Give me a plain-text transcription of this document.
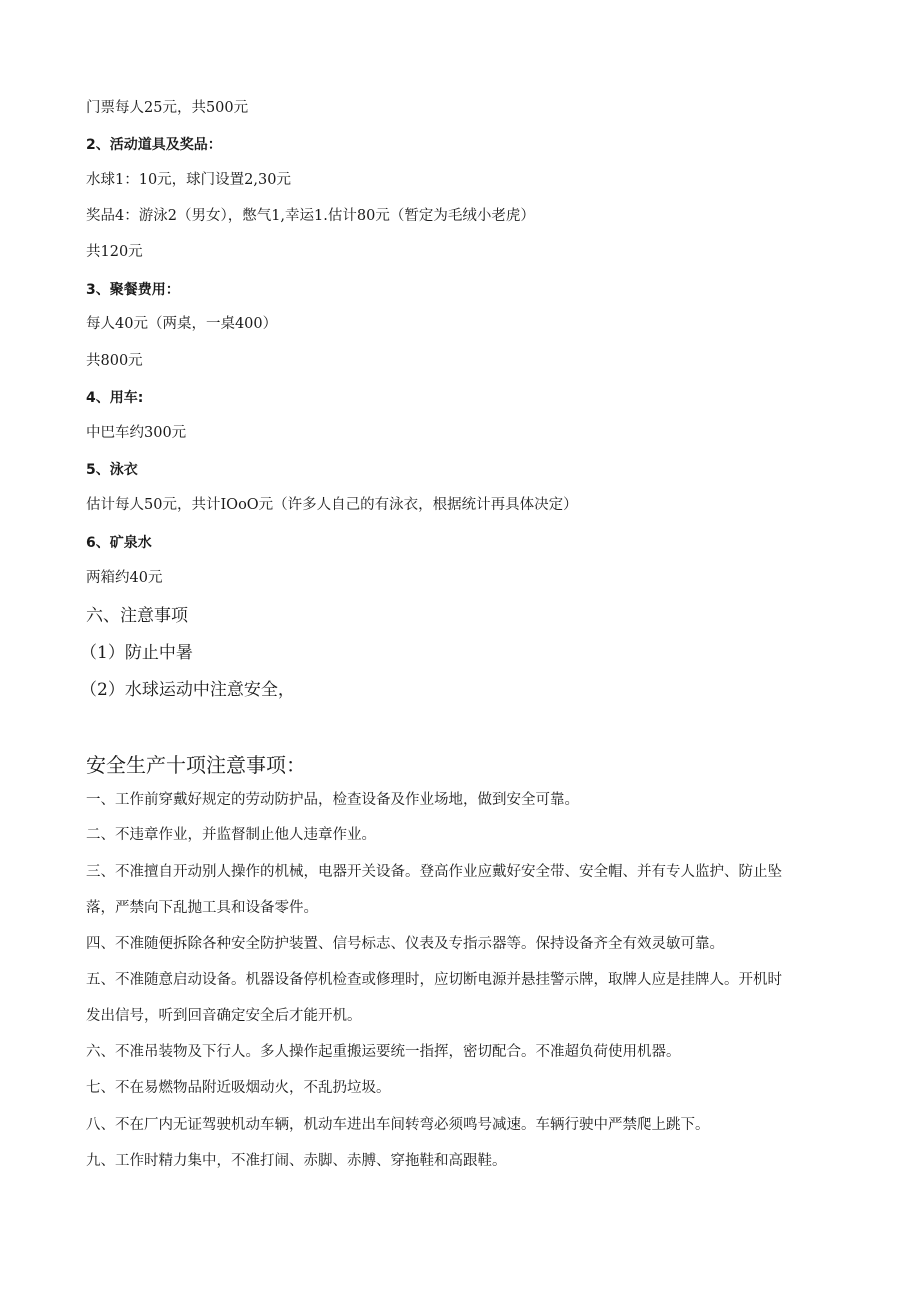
门票每人25元，共500元
2、活动道具及奖品：
水球1：10元，球门设置2,30元
奖品4：游泳2（男女），憋气1,幸运1.估计80元（暂定为毛绒小老虎）
共120元
3、聚餐费用：
每人40元（两桌，一桌400）
共800元
4、用车:
中巴车约300元
5、泳衣
估计每人50元，共计IOoO元（许多人自己的有泳衣，根据统计再具体决定）
6、矿泉水
两箱约40元
六、注意事项
（1）防止中暑
（2）水球运动中注意安全，
安全生产十项注意事项：
一、工作前穿戴好规定的劳动防护品，检查设备及作业场地，做到安全可靠。
二、不违章作业，并监督制止他人违章作业。
三、不准擅自开动别人操作的机械，电器开关设备。登高作业应戴好安全带、安全帽、并有专人监护、防止坠
落，严禁向下乱抛工具和设备零件。
四、不准随便拆除各种安全防护装置、信号标志、仪表及专指示器等。保持设备齐全有效灵敏可靠。
五、不准随意启动设备。机器设备停机检查或修理时，应切断电源并悬挂警示牌，取牌人应是挂牌人。开机时
发出信号，听到回音确定安全后才能开机。
六、不准吊装物及下行人。多人操作起重搬运要统一指挥，密切配合。不准超负荷使用机器。
七、不在易燃物品附近吸烟动火，不乱扔垃圾。
八、不在厂内无证驾驶机动车辆，机动车进出车间转弯必须鸣号减速。车辆行驶中严禁爬上跳下。
九、工作时精力集中，不准打闹、赤脚、赤膊、穿拖鞋和高跟鞋。
